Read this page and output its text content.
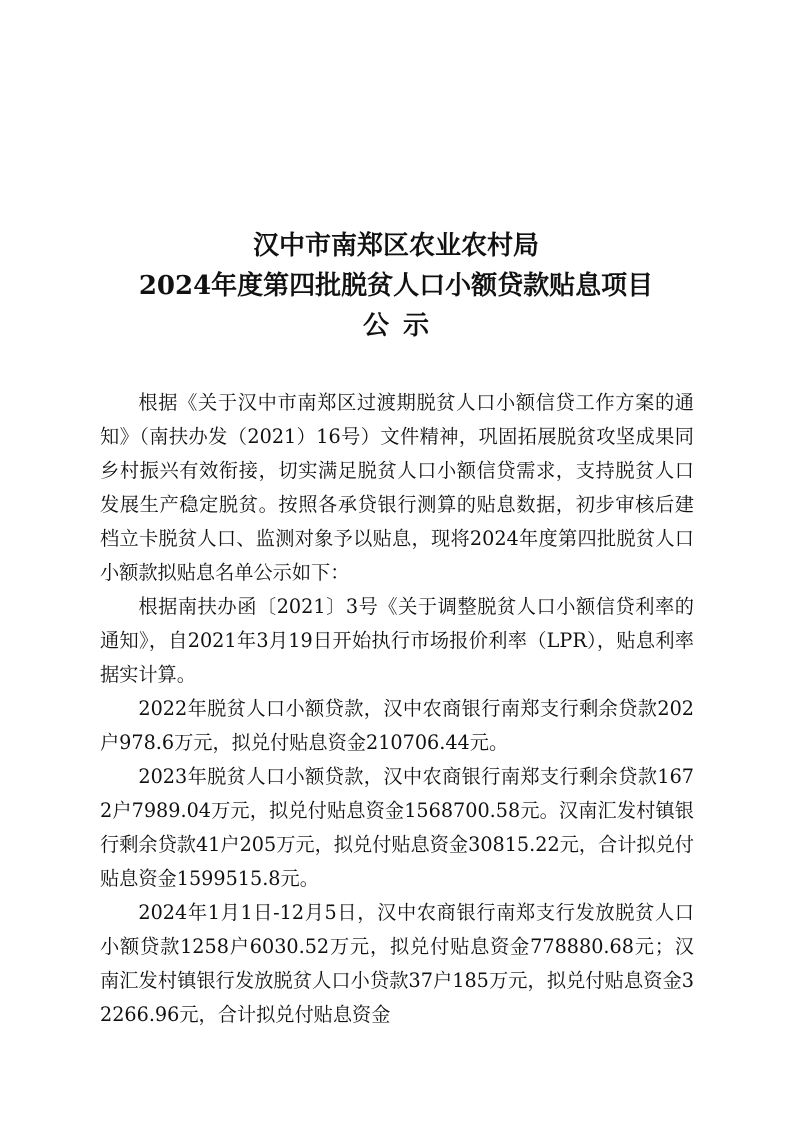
汉中市南郑区农业农村局
2024年度第四批脱贫人口小额贷款贴息项目
公示

根据《关于汉中市南郑区过渡期脱贫人口小额信贷工作方案的通知》（南扶办发（2021）16号）文件精神，巩固拓展脱贫攻坚成果同乡村振兴有效衔接，切实满足脱贫人口小额信贷需求，支持脱贫人口发展生产稳定脱贫。按照各承贷银行测算的贴息数据，初步审核后建档立卡脱贫人口、监测对象予以贴息，现将2024年度第四批脱贫人口小额款拟贴息名单公示如下：

根据南扶办函〔2021〕3号《关于调整脱贫人口小额信贷利率的通知》，自2021年3月19日开始执行市场报价利率（LPR），贴息利率据实计算。

2022年脱贫人口小额贷款，汉中农商银行南郑支行剩余贷款202户978.6万元，拟兑付贴息资金210706.44元。

2023年脱贫人口小额贷款，汉中农商银行南郑支行剩余贷款1672户7989.04万元，拟兑付贴息资金1568700.58元。汉南汇发村镇银行剩余贷款41户205万元，拟兑付贴息资金30815.22元，合计拟兑付贴息资金1599515.8元。

2024年1月1日-12月5日，汉中农商银行南郑支行发放脱贫人口小额贷款1258户6030.52万元，拟兑付贴息资金778880.68元；汉南汇发村镇银行发放脱贫人口小贷款37户185万元，拟兑付贴息资金32266.96元，合计拟兑付贴息资金
